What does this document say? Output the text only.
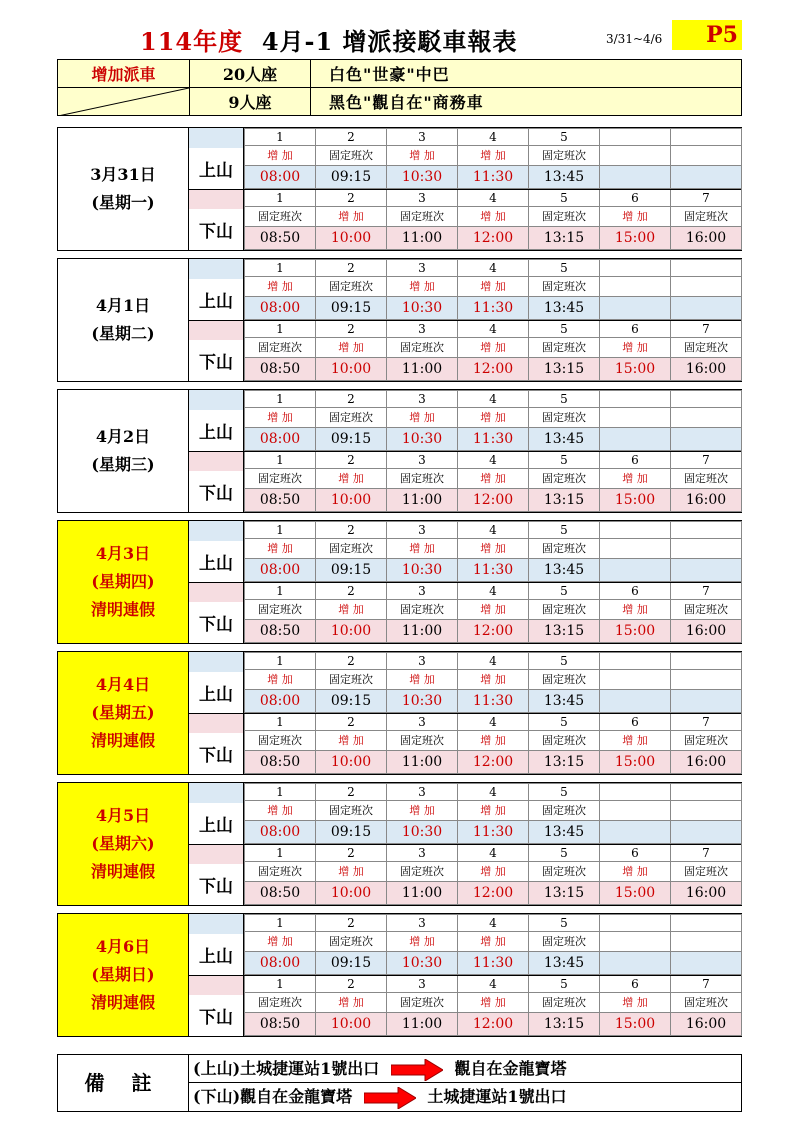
114年度 4月-1 增派接駁車報表	3/31~4/6	P5
增加派車	20人座	白色"世豪"中巴

	9人座	黑色"觀自在"商務車
3月31日
(星期一)
上山
下山
1	2	3	4	5		
增 加	固定班次	增 加	增 加	固定班次		
08:00	09:15	10:30	11:30	13:45		
1	2	3	4	5	6	7
固定班次	增 加	固定班次	增 加	固定班次	增 加	固定班次
08:50	10:00	11:00	12:00	13:15	15:00	16:00
4月1日
(星期二)
上山
下山
1	2	3	4	5		
增 加	固定班次	增 加	增 加	固定班次		
08:00	09:15	10:30	11:30	13:45		
1	2	3	4	5	6	7
固定班次	增 加	固定班次	增 加	固定班次	增 加	固定班次
08:50	10:00	11:00	12:00	13:15	15:00	16:00
4月2日
(星期三)
上山
下山
1	2	3	4	5		
增 加	固定班次	增 加	增 加	固定班次		
08:00	09:15	10:30	11:30	13:45		
1	2	3	4	5	6	7
固定班次	增 加	固定班次	增 加	固定班次	增 加	固定班次
08:50	10:00	11:00	12:00	13:15	15:00	16:00
4月3日
(星期四)
清明連假
上山
下山
1	2	3	4	5		
增 加	固定班次	增 加	增 加	固定班次		
08:00	09:15	10:30	11:30	13:45		
1	2	3	4	5	6	7
固定班次	增 加	固定班次	增 加	固定班次	增 加	固定班次
08:50	10:00	11:00	12:00	13:15	15:00	16:00
4月4日
(星期五)
清明連假
上山
下山
1	2	3	4	5		
增 加	固定班次	增 加	增 加	固定班次		
08:00	09:15	10:30	11:30	13:45		
1	2	3	4	5	6	7
固定班次	增 加	固定班次	增 加	固定班次	增 加	固定班次
08:50	10:00	11:00	12:00	13:15	15:00	16:00
4月5日
(星期六)
清明連假
上山
下山
1	2	3	4	5		
增 加	固定班次	增 加	增 加	固定班次		
08:00	09:15	10:30	11:30	13:45		
1	2	3	4	5	6	7
固定班次	增 加	固定班次	增 加	固定班次	增 加	固定班次
08:50	10:00	11:00	12:00	13:15	15:00	16:00
4月6日
(星期日)
清明連假
上山
下山
1	2	3	4	5		
增 加	固定班次	增 加	增 加	固定班次		
08:00	09:15	10:30	11:30	13:45		
1	2	3	4	5	6	7
固定班次	增 加	固定班次	增 加	固定班次	增 加	固定班次
08:50	10:00	11:00	12:00	13:15	15:00	16:00
備 註
(上山)土城捷運站1號出口	觀自在金龍寶塔
(下山)觀自在金龍寶塔	土城捷運站1號出口
